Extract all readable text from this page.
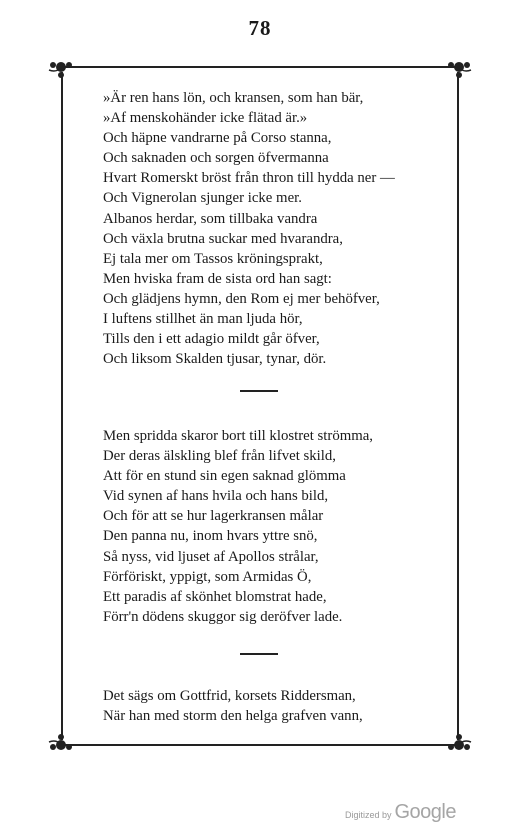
78
»Är ren hans lön, och kransen, som han bär,
»Af menskohänder icke flätad är.»
Och häpne vandrarne på Corso stanna,
Och saknaden och sorgen öfvermanna
Hvart Romerskt bröst från thron till hydda ner —
Och Vignerolan sjunger icke mer.
Albanos herdar, som tillbaka vandra
Och växla brutna suckar med hvarandra,
Ej tala mer om Tassos kröningsprakt,
Men hviska fram de sista ord han sagt:
Och glädjens hymn, den Rom ej mer behöfver,
I luftens stillhet än man ljuda hör,
Tills den i ett adagio mildt går öfver,
Och liksom Skalden tjusar, tynar, dör.
Men spridda skaror bort till klostret strömma,
Der deras älskling blef från lifvet skild,
Att för en stund sin egen saknad glömma
Vid synen af hans hvila och hans bild,
Och för att se hur lagerkransen målar
Den panna nu, inom hvars yttre snö,
Så nyss, vid ljuset af Apollos strålar,
Förföriskt, yppigt, som Armidas Ö,
Ett paradis af skönhet blomstrat hade,
Förr'n dödens skuggor sig deröfver lade.
Det sägs om Gottfrid, korsets Riddersman,
När han med storm den helga grafven vann,
Digitized by Google
